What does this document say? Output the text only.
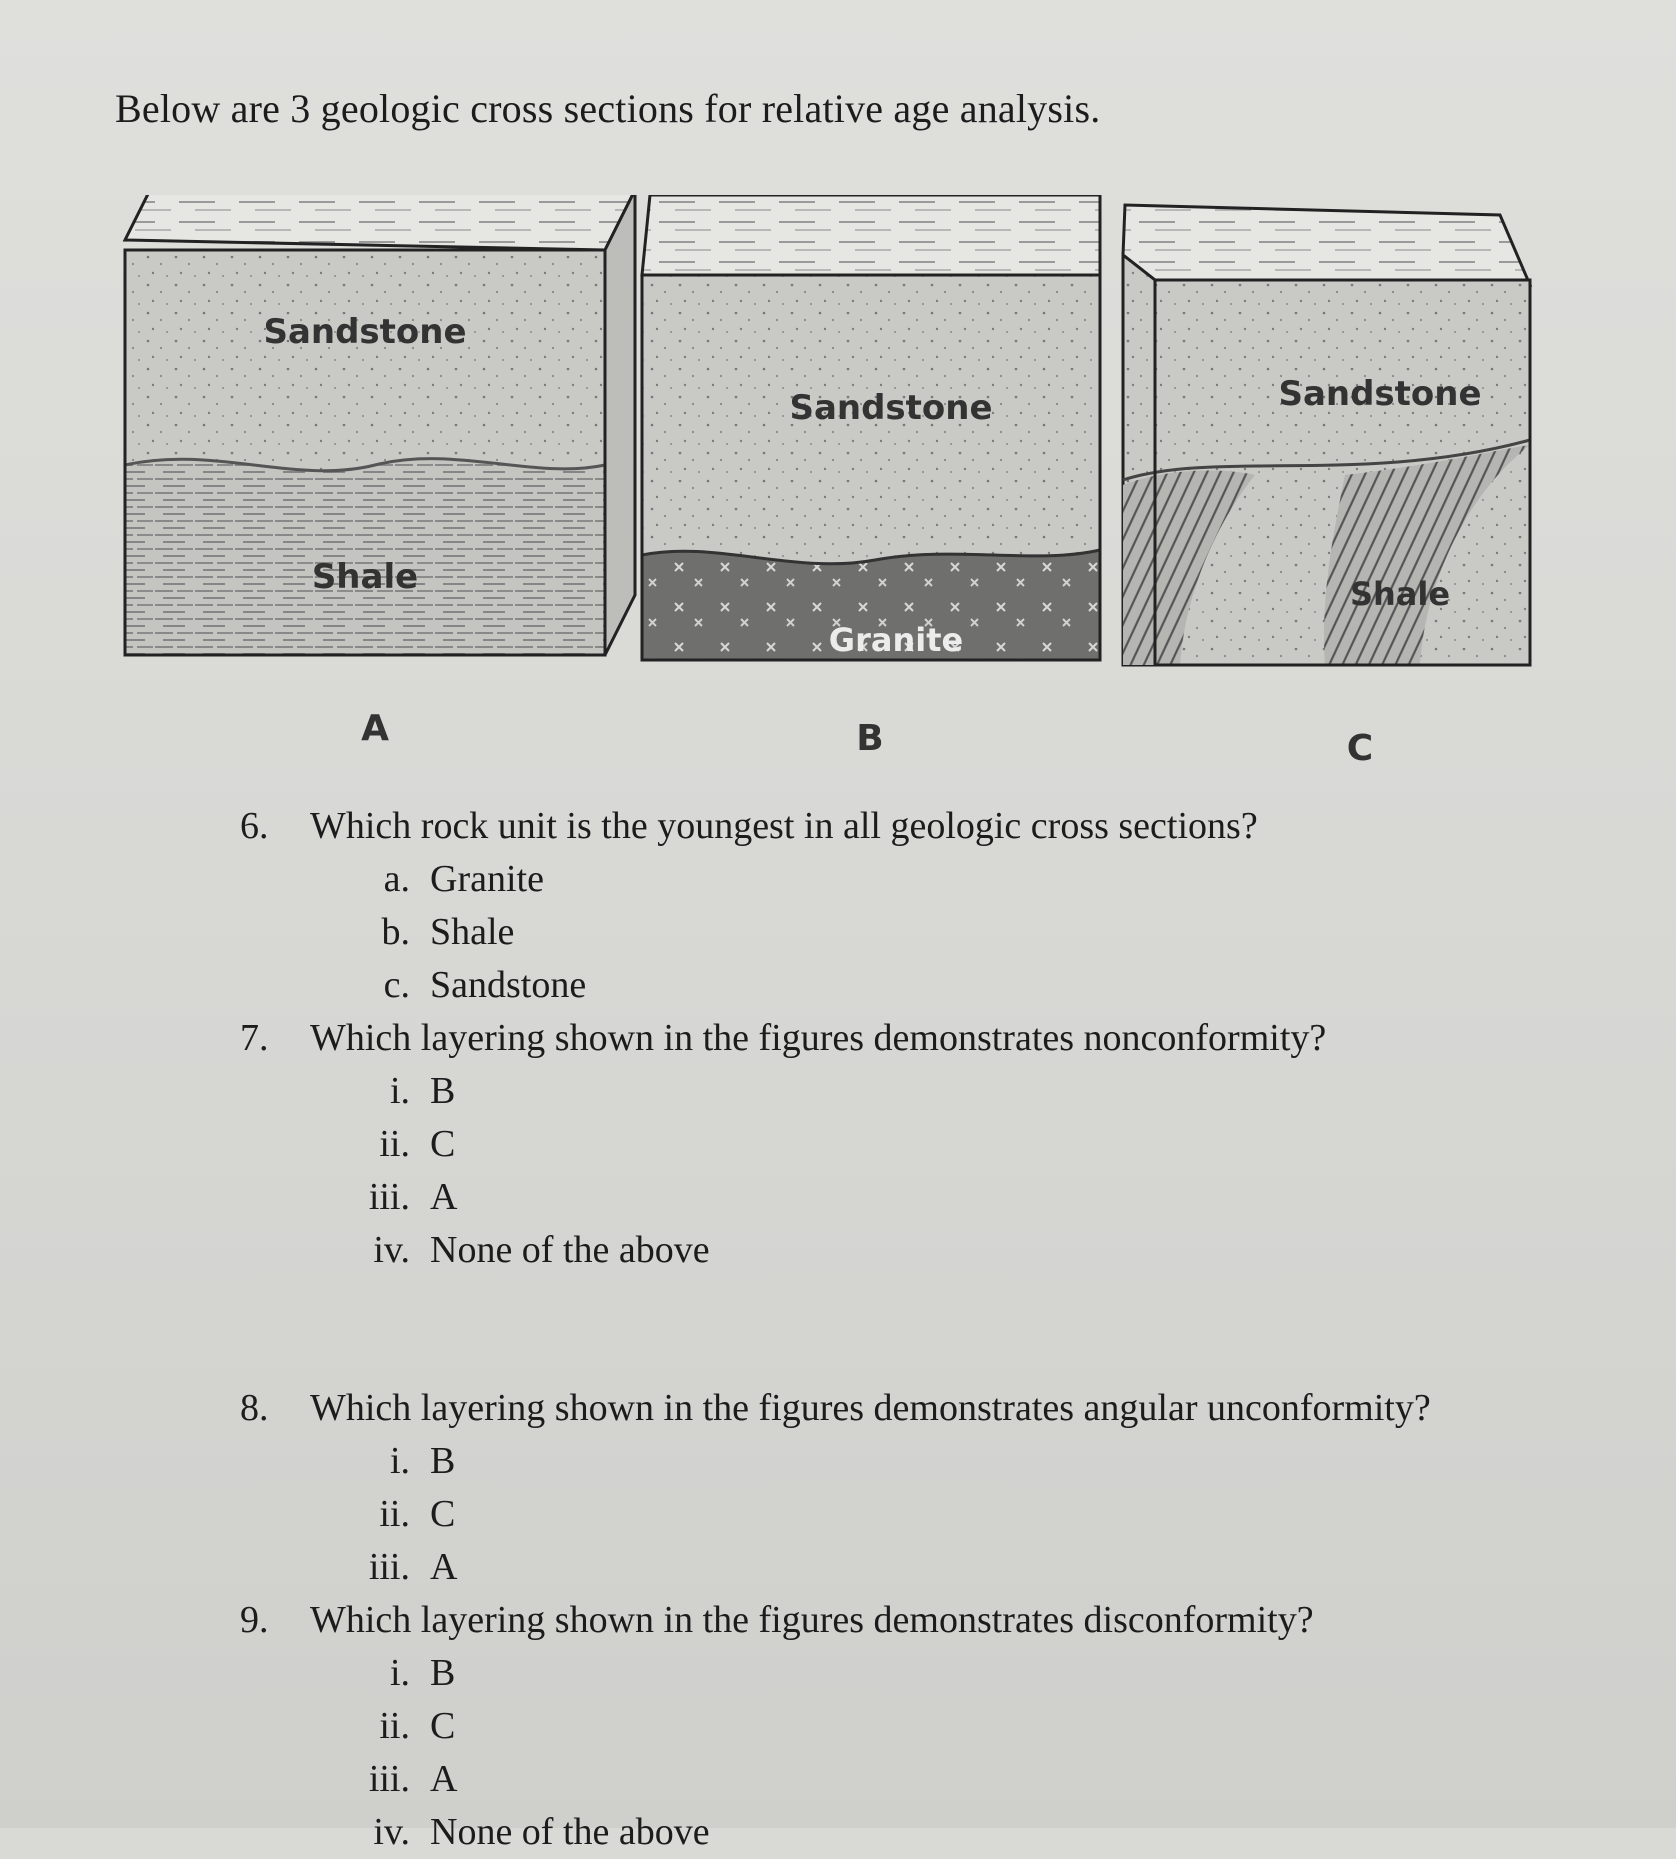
Below are 3 geologic cross sections for relative age analysis.
Sandstone
Shale
Sandstone
Granite
Sandstone
Shale
A	B	C
6. Which rock unit is the youngest in all geologic cross sections?
a. Granite
b. Shale
c. Sandstone
7. Which layering shown in the figures demonstrates nonconformity?
i. B
ii. C
iii. A
iv. None of the above
8. Which layering shown in the figures demonstrates angular unconformity?
i. B
ii. C
iii. A
9. Which layering shown in the figures demonstrates disconformity?
i. B
ii. C
iii. A
iv. None of the above
